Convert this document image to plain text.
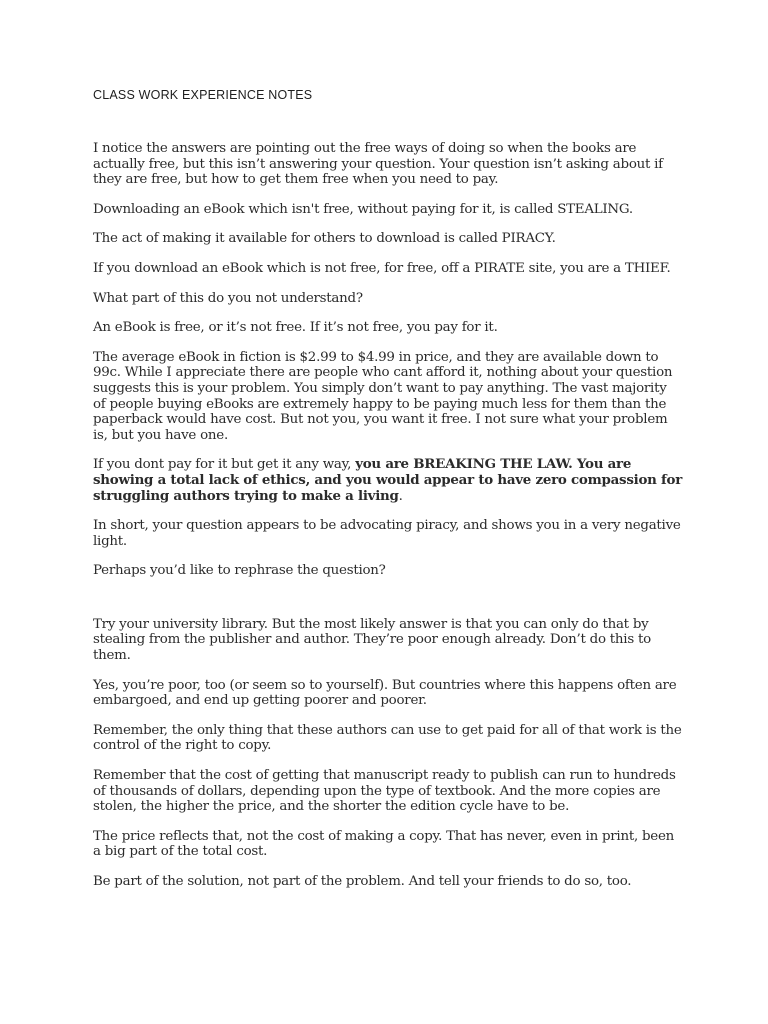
CLASS WORK EXPERIENCE NOTES

I notice the answers are pointing out the free ways of doing so when the books are actually free, but this isn’t answering your question. Your question isn’t asking about if they are free, but how to get them free when you need to pay.

Downloading an eBook which isn't free, without paying for it, is called STEALING.

The act of making it available for others to download is called PIRACY.

If you download an eBook which is not free, for free, off a PIRATE site, you are a THIEF.

What part of this do you not understand?

An eBook is free, or it’s not free. If it’s not free, you pay for it.

The average eBook in fiction is $2.99 to $4.99 in price, and they are available down to 99c. While I appreciate there are people who cant afford it, nothing about your question suggests this is your problem. You simply don’t want to pay anything. The vast majority of people buying eBooks are extremely happy to be paying much less for them than the paperback would have cost. But not you, you want it free. I not sure what your problem is, but you have one.

If you dont pay for it but get it any way, you are BREAKING THE LAW. You are showing a total lack of ethics, and you would appear to have zero compassion for struggling authors trying to make a living.

In short, your question appears to be advocating piracy, and shows you in a very negative light.

Perhaps you’d like to rephrase the question?

Try your university library. But the most likely answer is that you can only do that by stealing from the publisher and author. They’re poor enough already. Don’t do this to them.

Yes, you’re poor, too (or seem so to yourself). But countries where this happens often are embargoed, and end up getting poorer and poorer.

Remember, the only thing that these authors can use to get paid for all of that work is the control of the right to copy.

Remember that the cost of getting that manuscript ready to publish can run to hundreds of thousands of dollars, depending upon the type of textbook. And the more copies are stolen, the higher the price, and the shorter the edition cycle have to be.

The price reflects that, not the cost of making a copy. That has never, even in print, been a big part of the total cost.

Be part of the solution, not part of the problem. And tell your friends to do so, too.
